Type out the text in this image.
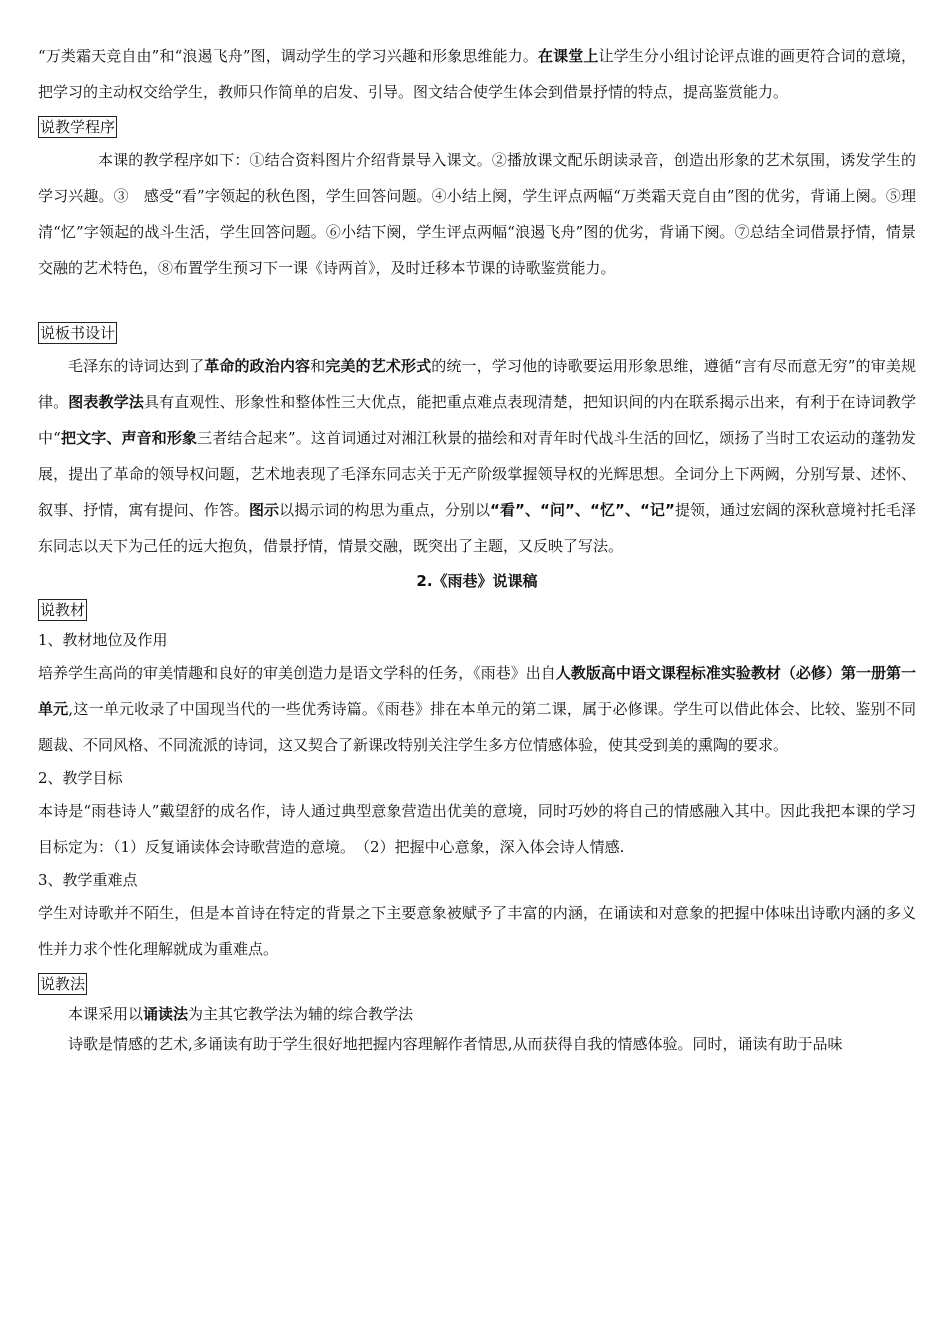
“万类霜天竞自由”和“浪遏飞舟”图，调动学生的学习兴趣和形象思维能力。在课堂上让学生分小组讨论评点谁的画更符合词的意境，把学习的主动权交给学生，教师只作简单的启发、引导。图文结合使学生体会到借景抒情的特点，提高鉴赏能力。

说教学程序

本课的教学程序如下：①结合资料图片介绍背景导入课文。②播放课文配乐朗读录音，创造出形象的艺术氛围，诱发学生的学习兴趣。③　感受“看”字领起的秋色图，学生回答问题。④小结上阕，学生评点两幅“万类霜天竞自由”图的优劣，背诵上阕。⑤理清“忆”字领起的战斗生活，学生回答问题。⑥小结下阕，学生评点两幅“浪遏飞舟”图的优劣，背诵下阕。⑦总结全词借景抒情，情景交融的艺术特色，⑧布置学生预习下一课《诗两首》，及时迁移本节课的诗歌鉴赏能力。

说板书设计

毛泽东的诗词达到了革命的政治内容和完美的艺术形式的统一，学习他的诗歌要运用形象思维，遵循“言有尽而意无穷”的审美规律。图表教学法具有直观性、形象性和整体性三大优点，能把重点难点表现清楚，把知识间的内在联系揭示出来，有利于在诗词教学中“把文字、声音和形象三者结合起来”。这首词通过对湘江秋景的描绘和对青年时代战斗生活的回忆，颂扬了当时工农运动的蓬勃发展，提出了革命的领导权问题，艺术地表现了毛泽东同志关于无产阶级掌握领导权的光辉思想。全词分上下两阙，分别写景、述怀、叙事、抒情，寓有提问、作答。图示以揭示词的构思为重点，分别以“看”、“问”、“忆”、“记”提领，通过宏阔的深秋意境衬托毛泽东同志以天下为己任的远大抱负，借景抒情，情景交融，既突出了主题，又反映了写法。

2.《雨巷》说课稿
说教材

1、教材地位及作用

培养学生高尚的审美情趣和良好的审美创造力是语文学科的任务，《雨巷》出自人教版高中语文课程标准实验教材（必修）第一册第一单元,这一单元收录了中国现当代的一些优秀诗篇。《雨巷》排在本单元的第二课，属于必修课。学生可以借此体会、比较、鉴别不同题裁、不同风格、不同流派的诗词，这又契合了新课改特别关注学生多方位情感体验，使其受到美的熏陶的要求。

2、教学目标

本诗是“雨巷诗人”戴望舒的成名作，诗人通过典型意象营造出优美的意境，同时巧妙的将自己的情感融入其中。因此我把本课的学习目标定为：（1）反复诵读体会诗歌营造的意境。　（2）把握中心意象，深入体会诗人情感.

3、教学重难点

学生对诗歌并不陌生，但是本首诗在特定的背景之下主要意象被赋予了丰富的内涵，在诵读和对意象的把握中体味出诗歌内涵的多义性并力求个性化理解就成为重难点。

说教法

本课采用以诵读法为主其它教学法为辅的综合教学法

诗歌是情感的艺术,多诵读有助于学生很好地把握内容理解作者情思,从而获得自我的情感体验。同时，诵读有助于品味
